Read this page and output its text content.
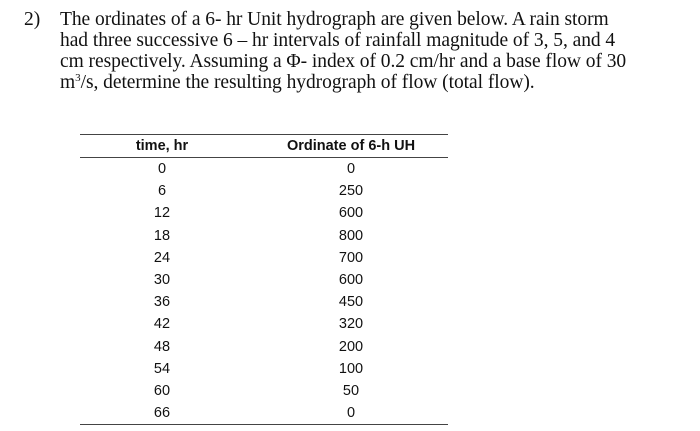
2) The ordinates of a 6- hr Unit hydrograph are given below. A rain storm
had three successive 6 – hr intervals of rainfall magnitude of 3, 5, and 4
cm respectively. Assuming a Φ- index of 0.2 cm/hr and a base flow of 30
$m^3/s$, determine the resulting hydrograph of flow (total flow).
time, hr	Ordinate of 6-h UH
0	0
6	250
12	600
18	800
24	700
30	600
36	450
42	320
48	200
54	100
60	50
66	0
